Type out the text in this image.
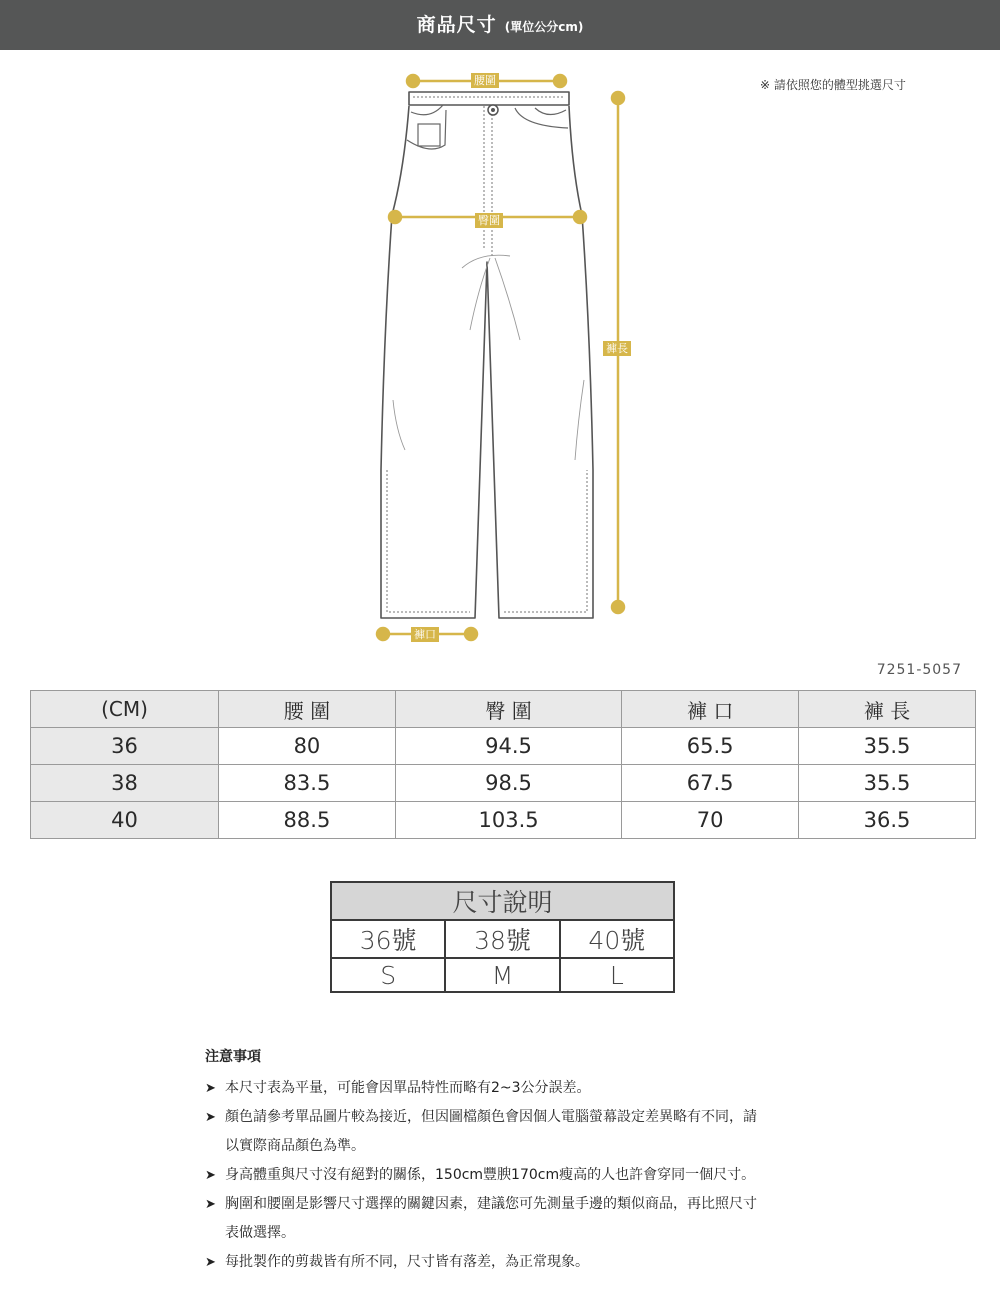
商品尺寸 (單位公分cm)
※ 請依照您的體型挑選尺寸
腰圍
臀圍
褲長
褲口
7251-5057
(CM)	腰 圍	臀 圍	褲 口	褲 長
36	80	94.5	65.5	35.5
38	83.5	98.5	67.5	35.5
40	88.5	103.5	70	36.5
尺寸說明		
36號	38號	40號
S	M	L
注意事項
➤ 本尺寸表為平量，可能會因單品特性而略有2~3公分誤差。
➤ 顏色請參考單品圖片較為接近，但因圖檔顏色會因個人電腦螢幕設定差異略有不同，請
以實際商品顏色為準。
➤ 身高體重與尺寸沒有絕對的關係，150cm豐腴170cm瘦高的人也許會穿同一個尺寸。
➤ 胸圍和腰圍是影響尺寸選擇的關鍵因素，建議您可先測量手邊的類似商品，再比照尺寸
表做選擇。
➤ 每批製作的剪裁皆有所不同，尺寸皆有落差，為正常現象。
